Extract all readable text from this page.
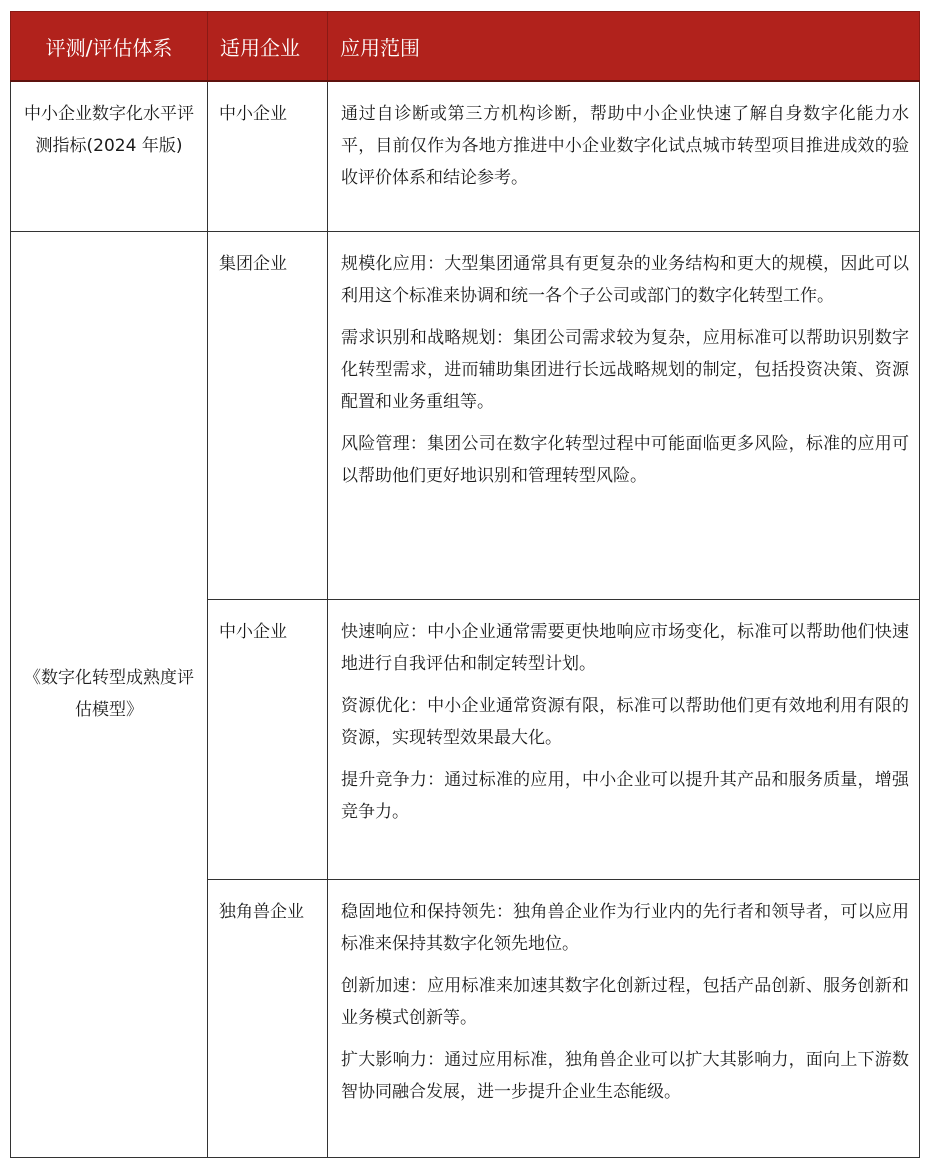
评测/评估体系	适用企业	应用范围
中小企业数字化水平评测指标(2024 年版)	中小企业	通过自诊断或第三方机构诊断，帮助中小企业快速了解自身数字化能力水平，目前仅作为各地方推进中小企业数字化试点城市转型项目推进成效的验收评价体系和结论参考。

《数字化转型成熟度评估模型》	集团企业	规模化应用：大型集团通常具有更复杂的业务结构和更大的规模，因此可以利用这个标准来协调和统一各个子公司或部门的数字化转型工作。
需求识别和战略规划：集团公司需求较为复杂，应用标准可以帮助识别数字化转型需求，进而辅助集团进行长远战略规划的制定，包括投资决策、资源配置和业务重组等。
风险管理：集团公司在数字化转型过程中可能面临更多风险，标准的应用可以帮助他们更好地识别和管理转型风险。

	中小企业	快速响应：中小企业通常需要更快地响应市场变化，标准可以帮助他们快速地进行自我评估和制定转型计划。
资源优化：中小企业通常资源有限，标准可以帮助他们更有效地利用有限的资源，实现转型效果最大化。
提升竞争力：通过标准的应用，中小企业可以提升其产品和服务质量，增强竞争力。

	独角兽企业	稳固地位和保持领先：独角兽企业作为行业内的先行者和领导者，可以应用标准来保持其数字化领先地位。
创新加速：应用标准来加速其数字化创新过程，包括产品创新、服务创新和业务模式创新等。
扩大影响力：通过应用标准，独角兽企业可以扩大其影响力，面向上下游数智协同融合发展，进一步提升企业生态能级。
